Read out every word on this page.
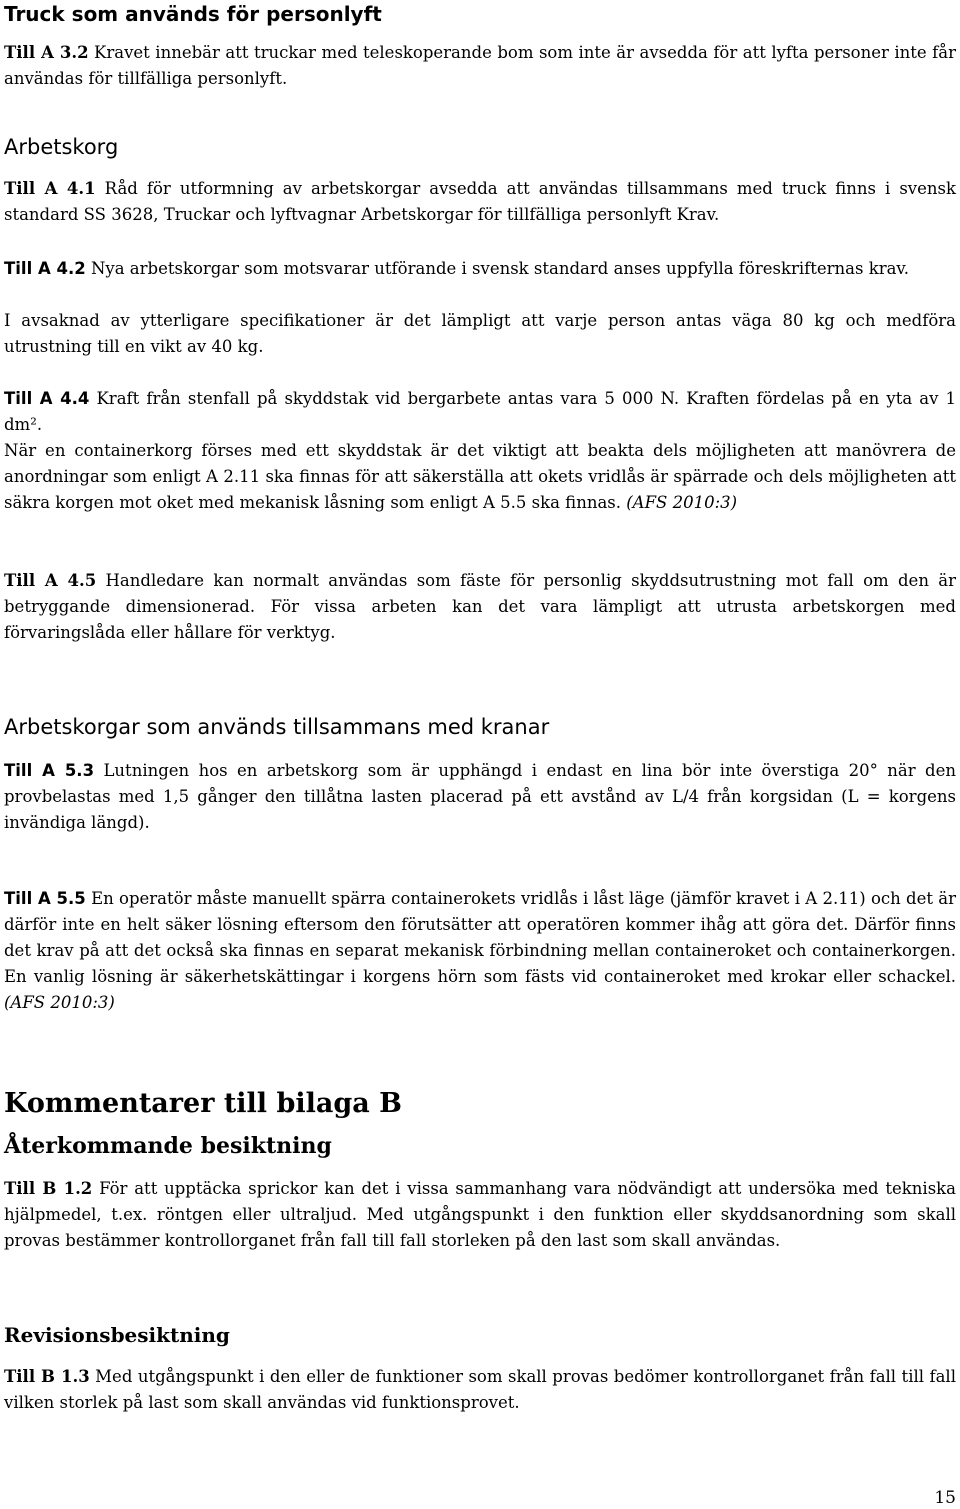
Truck som används för personlyft

Till A 3.2 Kravet innebär att truckar med teleskoperande bom som inte är avsedda för att lyfta personer inte får användas för tillfälliga personlyft.

Arbetskorg

Till A 4.1 Råd för utformning av arbetskorgar avsedda att användas tillsammans med truck finns i svensk standard SS 3628, Truckar och lyftvagnar Arbetskorgar för tillfälliga personlyft Krav.

Till A 4.2 Nya arbetskorgar som motsvarar utförande i svensk standard anses uppfylla föreskrifternas krav.

I avsaknad av ytterligare specifikationer är det lämpligt att varje person antas väga 80 kg och medföra utrustning till en vikt av 40 kg.

Till A 4.4 Kraft från stenfall på skyddstak vid bergarbete antas vara 5 000 N. Kraften fördelas på en yta av 1 dm².

När en containerkorg förses med ett skyddstak är det viktigt att beakta dels möjligheten att manövrera de anordningar som enligt A 2.11 ska finnas för att säkerställa att okets vridlås är spärrade och dels möjligheten att säkra korgen mot oket med mekanisk låsning som enligt A 5.5 ska finnas. (AFS 2010:3)

Till A 4.5 Handledare kan normalt användas som fäste för personlig skyddsutrustning mot fall om den är betryggande dimensionerad. För vissa arbeten kan det vara lämpligt att utrusta arbetskorgen med förvaringslåda eller hållare för verktyg.

Arbetskorgar som används tillsammans med kranar

Till A 5.3 Lutningen hos en arbetskorg som är upphängd i endast en lina bör inte överstiga 20° när den provbelastas med 1,5 gånger den tillåtna lasten placerad på ett avstånd av L/4 från korgsidan (L = korgens invändiga längd).

Till A 5.5 En operatör måste manuellt spärra containerokets vridlås i låst läge (jämför kravet i A 2.11) och det är därför inte en helt säker lösning eftersom den förutsätter att operatören kommer ihåg att göra det. Därför finns det krav på att det också ska finnas en separat mekanisk förbindning mellan containeroket och containerkorgen. En vanlig lösning är säkerhetskättingar i korgens hörn som fästs vid containeroket med krokar eller schackel. (AFS 2010:3)

Kommentarer till bilaga B
Återkommande besiktning

Till B 1.2 För att upptäcka sprickor kan det i vissa sammanhang vara nödvändigt att undersöka med tekniska hjälpmedel, t.ex. röntgen eller ultraljud. Med utgångspunkt i den funktion eller skyddsanordning som skall provas bestämmer kontrollorganet från fall till fall storleken på den last som skall användas.

Revisionsbesiktning

Till B 1.3 Med utgångspunkt i den eller de funktioner som skall provas bedömer kontrollorganet från fall till fall vilken storlek på last som skall användas vid funktionsprovet.

15
